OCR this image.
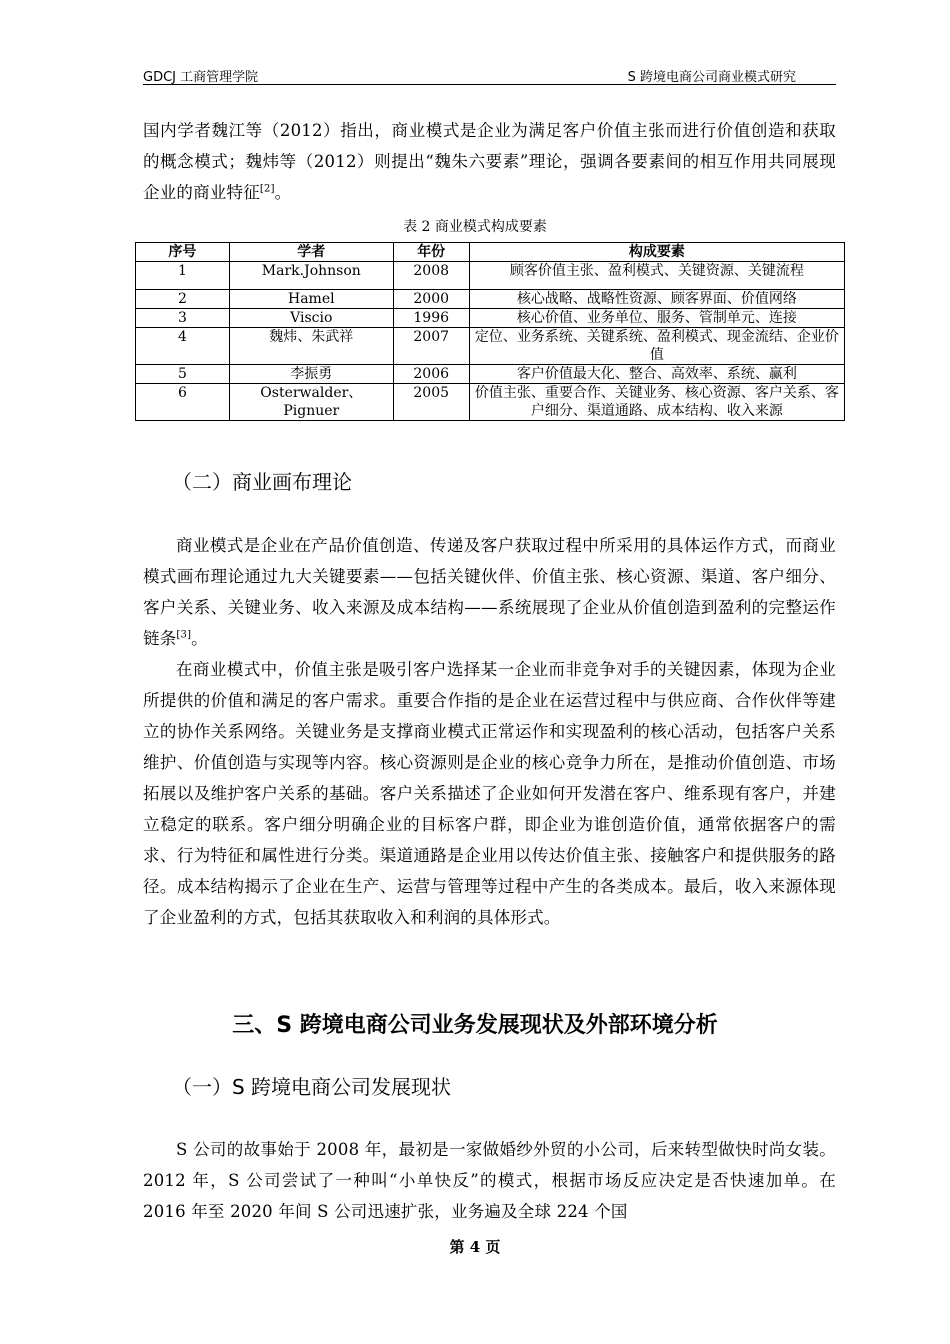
GDCJ 工商管理学院	S 跨境电商公司商业模式研究

国内学者魏江等（2012）指出，商业模式是企业为满足客户价值主张而进行价值创造和获取的概念模式；魏炜等（2012）则提出“魏朱六要素”理论，强调各要素间的相互作用共同展现企业的商业特征[2]。

表 2 商业模式构成要素
序号	学者	年份	构成要素
1	Mark.Johnson	2008	顾客价值主张、盈利模式、关键资源、关键流程
2	Hamel	2000	核心战略、战略性资源、顾客界面、价值网络
3	Viscio	1996	核心价值、业务单位、服务、管制单元、连接
4	魏炜、朱武祥	2007	定位、业务系统、关键系统、盈利模式、现金流结、企业价值
5	李振勇	2006	客户价值最大化、整合、高效率、系统、赢利
6	Osterwalder、Pignuer	2005	价值主张、重要合作、关键业务、核心资源、客户关系、客户细分、渠道通路、成本结构、收入来源
（二）商业画布理论

商业模式是企业在产品价值创造、传递及客户获取过程中所采用的具体运作方式，而商业模式画布理论通过九大关键要素——包括关键伙伴、价值主张、核心资源、渠道、客户细分、客户关系、关键业务、收入来源及成本结构——系统展现了企业从价值创造到盈利的完整运作链条[3]。

在商业模式中，价值主张是吸引客户选择某一企业而非竞争对手的关键因素，体现为企业所提供的价值和满足的客户需求。重要合作指的是企业在运营过程中与供应商、合作伙伴等建立的协作关系网络。关键业务是支撑商业模式正常运作和实现盈利的核心活动，包括客户关系维护、价值创造与实现等内容。核心资源则是企业的核心竞争力所在，是推动价值创造、市场拓展以及维护客户关系的基础。客户关系描述了企业如何开发潜在客户、维系现有客户，并建立稳定的联系。客户细分明确企业的目标客户群，即企业为谁创造价值，通常依据客户的需求、行为特征和属性进行分类。渠道通路是企业用以传达价值主张、接触客户和提供服务的路径。成本结构揭示了企业在生产、运营与管理等过程中产生的各类成本。最后，收入来源体现了企业盈利的方式，包括其获取收入和利润的具体形式。

三、S 跨境电商公司业务发展现状及外部环境分析
（一）S 跨境电商公司发展现状

S 公司的故事始于 2008 年，最初是一家做婚纱外贸的小公司，后来转型做快时尚女装。2012 年，S 公司尝试了一种叫“小单快反”的模式，根据市场反应决定是否快速加单。在 2016 年至 2020 年间 S 公司迅速扩张，业务遍及全球 224 个国

第 4 页
